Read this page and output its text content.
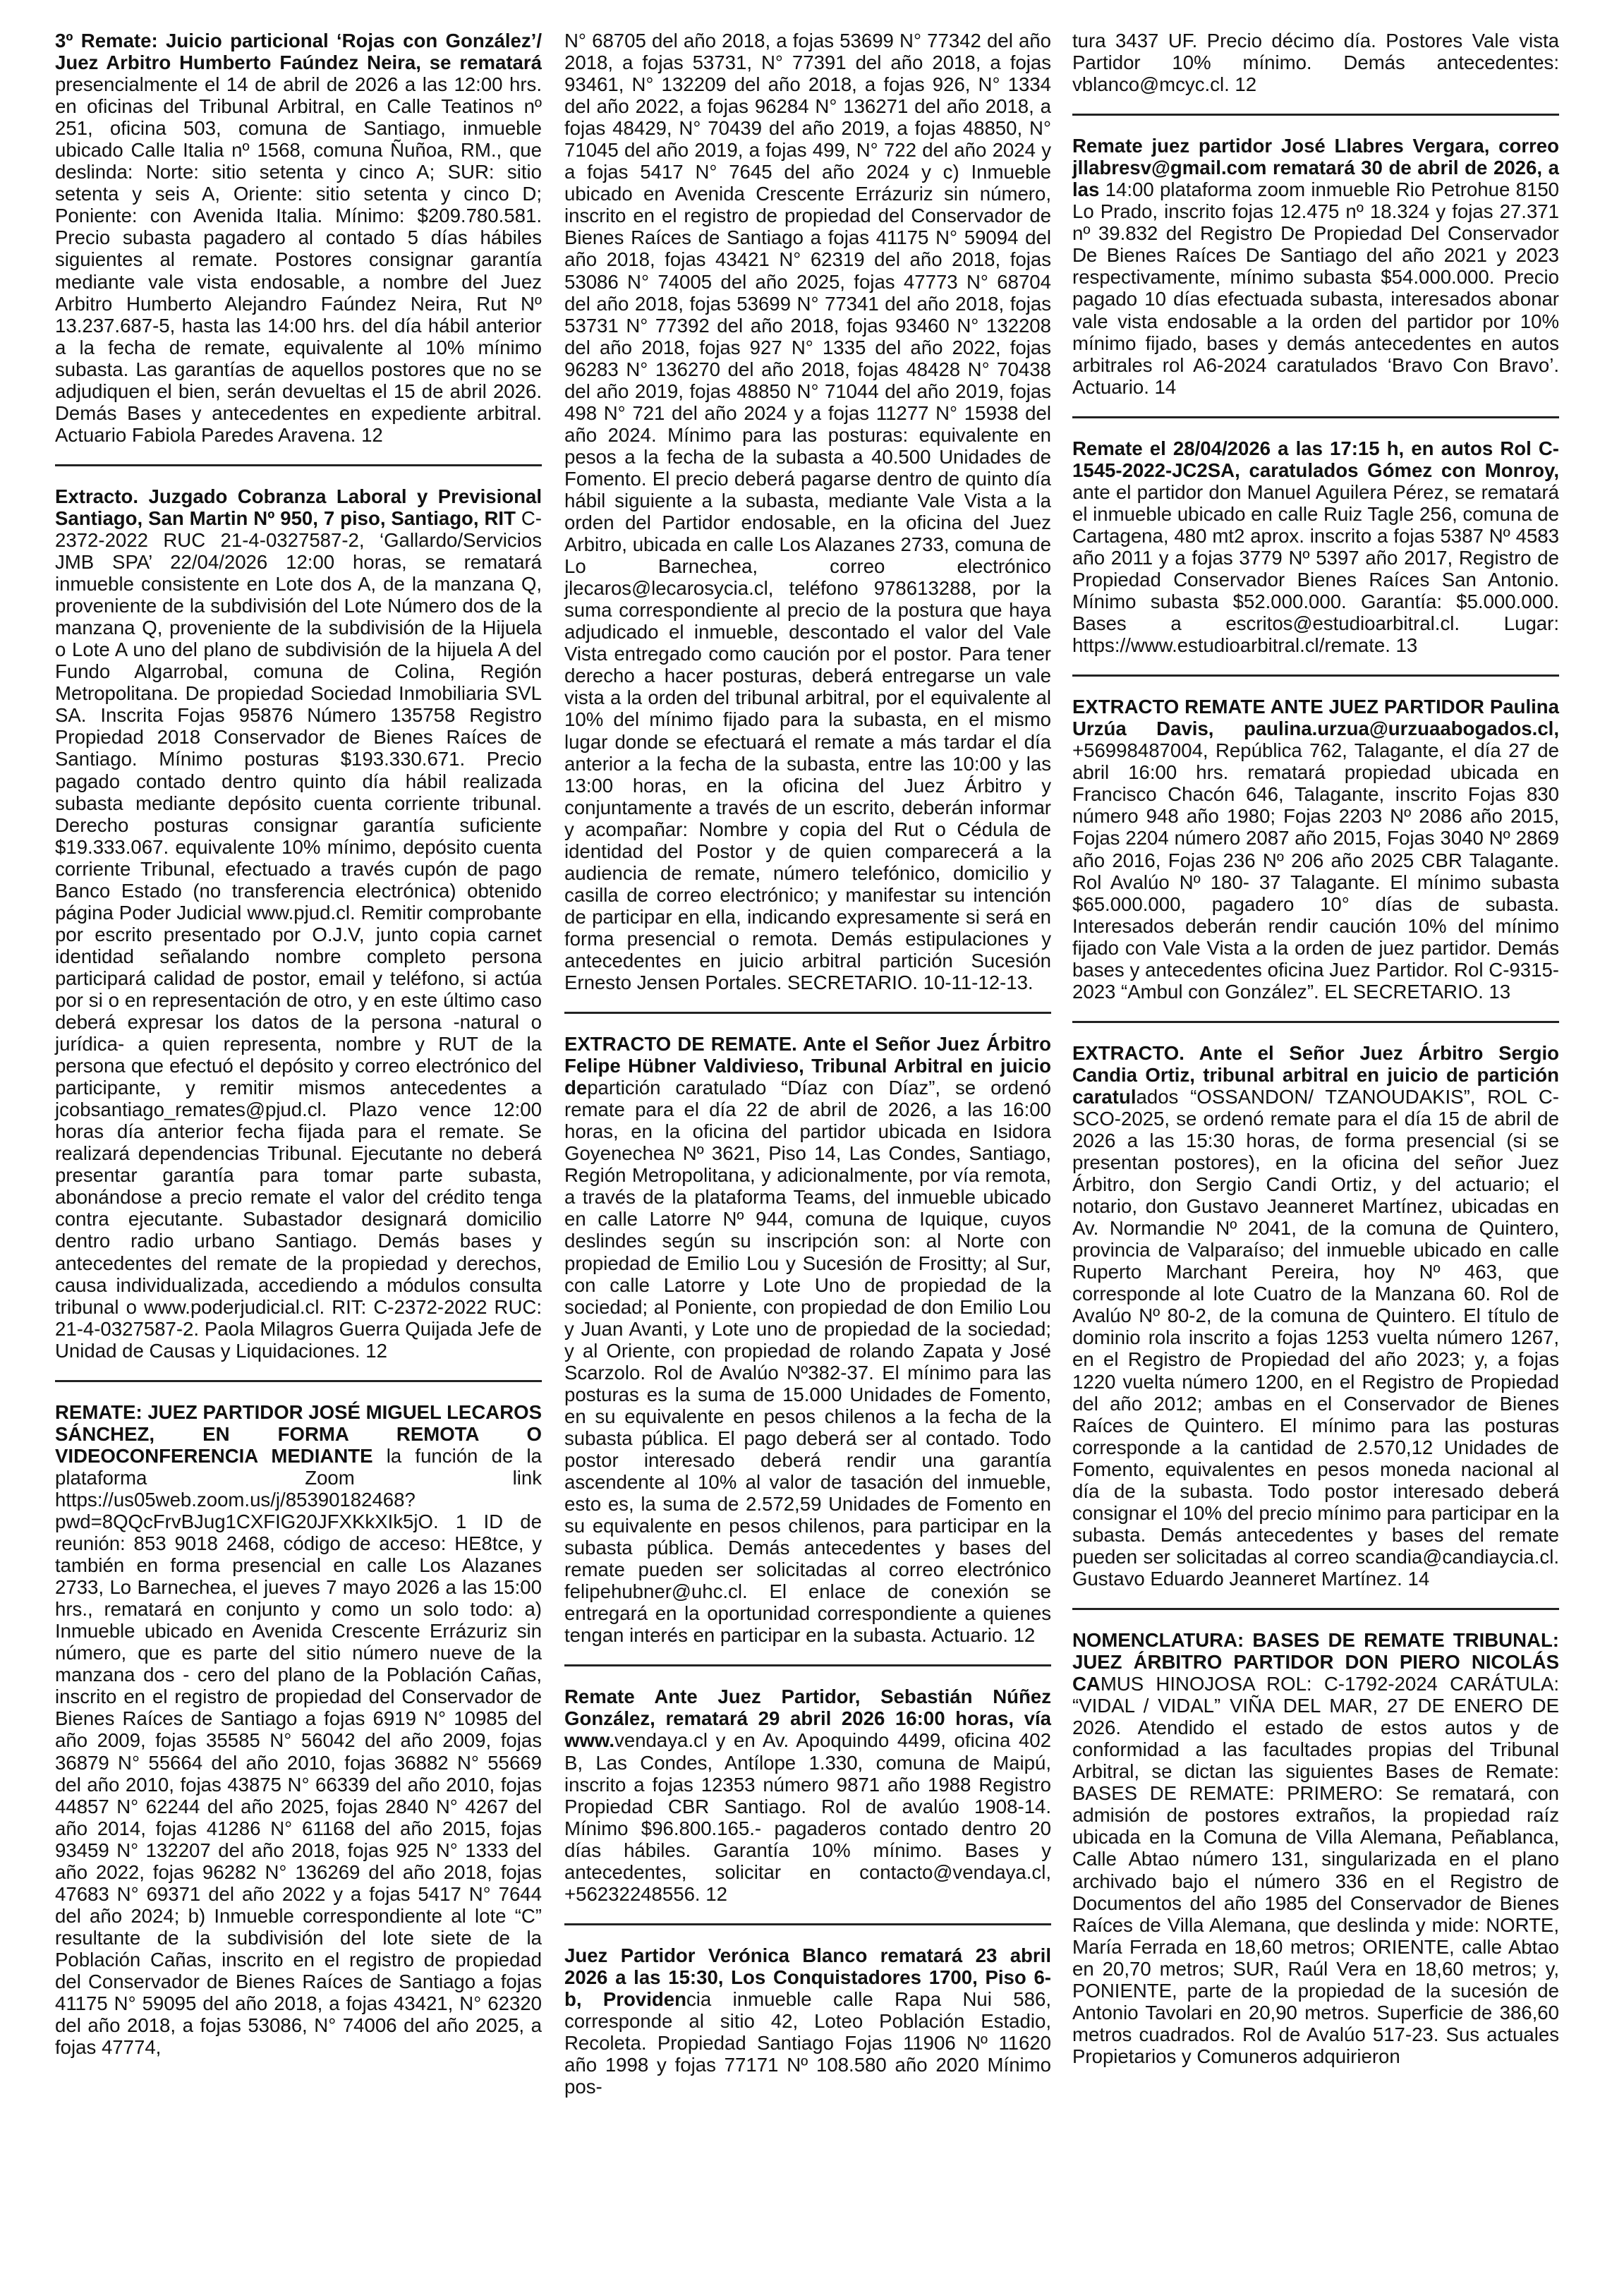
3º Remate: Juicio particional ‘Rojas con González’/ Juez Arbitro Humberto Faúndez Neira, se rematará presencialmente el 14 de abril de 2026 a las 12:00 hrs. en oficinas del Tribunal Arbitral, en Calle Teatinos nº 251, oficina 503, comuna de Santiago, inmueble ubicado Calle Italia nº 1568, comuna Ñuñoa, RM., que deslinda: Norte: sitio setenta y cinco A; SUR: sitio setenta y seis A, Oriente: sitio setenta y cinco D; Poniente: con Avenida Italia. Mínimo: $209.780.581. Precio subasta pagadero al contado 5 días hábiles siguientes al remate. Postores consignar garantía mediante vale vista endosable, a nombre del Juez Arbitro Humberto Alejandro Faúndez Neira, Rut Nº 13.237.687-5, hasta las 14:00 hrs. del día hábil anterior a la fecha de remate, equivalente al 10% mínimo subasta. Las garantías de aquellos postores que no se adjudiquen el bien, serán devueltas el 15 de abril 2026. Demás Bases y antecedentes en expediente arbitral. Actuario Fabiola Paredes Aravena. 12
Extracto. Juzgado Cobranza Laboral y Previsional Santiago, San Martin Nº 950, 7 piso, Santiago, RIT C-2372-2022 RUC 21-4-0327587-2, ‘Gallardo/Servicios JMB SPA’ 22/04/2026 12:00 horas, se rematará inmueble consistente en Lote dos A, de la manzana Q, proveniente de la subdivisión del Lote Número dos de la manzana Q, proveniente de la subdivisión de la Hijuela o Lote A uno del plano de subdivisión de la hijuela A del Fundo Algarrobal, comuna de Colina, Región Metropolitana. De propiedad Sociedad Inmobiliaria SVL SA. Inscrita Fojas 95876 Número 135758 Registro Propiedad 2018 Conservador de Bienes Raíces de Santiago. Mínimo posturas $193.330.671. Precio pagado contado dentro quinto día hábil realizada subasta mediante depósito cuenta corriente tribunal. Derecho posturas consignar garantía suficiente $19.333.067. equivalente 10% mínimo, depósito cuenta corriente Tribunal, efectuado a través cupón de pago Banco Estado (no transferencia electrónica) obtenido página Poder Judicial www.pjud.cl. Remitir comprobante por escrito presentado por O.J.V, junto copia carnet identidad señalando nombre completo persona participará calidad de postor, email y teléfono, si actúa por si o en representación de otro, y en este último caso deberá expresar los datos de la persona -natural o jurídica- a quien representa, nombre y RUT de la persona que efectuó el depósito y correo electrónico del participante, y remitir mismos antecedentes a jcobsantiago_remates@pjud.cl. Plazo vence 12:00 horas día anterior fecha fijada para el remate. Se realizará dependencias Tribunal. Ejecutante no deberá presentar garantía para tomar parte subasta, abonándose a precio remate el valor del crédito tenga contra ejecutante. Subastador designará domicilio dentro radio urbano Santiago. Demás bases y antecedentes del remate de la propiedad y derechos, causa individualizada, accediendo a módulos consulta tribunal o www.poderjudicial.cl. RIT: C-2372-2022 RUC: 21-4-0327587-2. Paola Milagros Guerra Quijada Jefe de Unidad de Causas y Liquidaciones. 12
REMATE: JUEZ PARTIDOR JOSÉ MIGUEL LECAROS SÁNCHEZ, EN FORMA REMOTA O VIDEOCONFERENCIA MEDIANTE la función de la plataforma Zoom link https://us05web.zoom.us/j/85390182468?pwd=8QQcFrvBJug1CXFIG20JFXKkXIk5jO. 1 ID de reunión: 853 9018 2468, código de acceso: HE8tce, y también en forma presencial en calle Los Alazanes 2733, Lo Barnechea, el jueves 7 mayo 2026 a las 15:00 hrs., rematará en conjunto y como un solo todo: a) Inmueble ubicado en Avenida Crescente Errázuriz sin número, que es parte del sitio número nueve de la manzana dos - cero del plano de la Población Cañas, inscrito en el registro de propiedad del Conservador de Bienes Raíces de Santiago a fojas 6919 N° 10985 del año 2009, fojas 35585 N° 56042 del año 2009, fojas 36879 N° 55664 del año 2010, fojas 36882 N° 55669 del año 2010, fojas 43875 N° 66339 del año 2010, fojas 44857 N° 62244 del año 2025, fojas 2840 N° 4267 del año 2014, fojas 41286 N° 61168 del año 2015, fojas 93459 N° 132207 del año 2018, fojas 925 N° 1333 del año 2022, fojas 96282 N° 136269 del año 2018, fojas 47683 N° 69371 del año 2022 y a fojas 5417 N° 7644 del año 2024; b) Inmueble correspondiente al lote “C” resultante de la subdivisión del lote siete de la Población Cañas, inscrito en el registro de propiedad del Conservador de Bienes Raíces de Santiago a fojas 41175 N° 59095 del año 2018, a fojas 43421, N° 62320 del año 2018, a fojas 53086, N° 74006 del año 2025, a fojas 47774,
N° 68705 del año 2018, a fojas 53699 N° 77342 del año 2018, a fojas 53731, N° 77391 del año 2018, a fojas 93461, N° 132209 del año 2018, a fojas 926, N° 1334 del año 2022, a fojas 96284 N° 136271 del año 2018, a fojas 48429, N° 70439 del año 2019, a fojas 48850, N° 71045 del año 2019, a fojas 499, N° 722 del año 2024 y a fojas 5417 N° 7645 del año 2024 y c) Inmueble ubicado en Avenida Crescente Errázuriz sin número, inscrito en el registro de propiedad del Conservador de Bienes Raíces de Santiago a fojas 41175 N° 59094 del año 2018, fojas 43421 N° 62319 del año 2018, fojas 53086 N° 74005 del año 2025, fojas 47773 N° 68704 del año 2018, fojas 53699 N° 77341 del año 2018, fojas 53731 N° 77392 del año 2018, fojas 93460 N° 132208 del año 2018, fojas 927 N° 1335 del año 2022, fojas 96283 N° 136270 del año 2018, fojas 48428 N° 70438 del año 2019, fojas 48850 N° 71044 del año 2019, fojas 498 N° 721 del año 2024 y a fojas 11277 N° 15938 del año 2024. Mínimo para las posturas: equivalente en pesos a la fecha de la subasta a 40.500 Unidades de Fomento. El precio deberá pagarse dentro de quinto día hábil siguiente a la subasta, mediante Vale Vista a la orden del Partidor endosable, en la oficina del Juez Arbitro, ubicada en calle Los Alazanes 2733, comuna de Lo Barnechea, correo electrónico jlecaros@lecarosycia.cl, teléfono 978613288, por la suma correspondiente al precio de la postura que haya adjudicado el inmueble, descontado el valor del Vale Vista entregado como caución por el postor. Para tener derecho a hacer posturas, deberá entregarse un vale vista a la orden del tribunal arbitral, por el equivalente al 10% del mínimo fijado para la subasta, en el mismo lugar donde se efectuará el remate a más tardar el día anterior a la fecha de la subasta, entre las 10:00 y las 13:00 horas, en la oficina del Juez Árbitro y conjuntamente a través de un escrito, deberán informar y acompañar: Nombre y copia del Rut o Cédula de identidad del Postor y de quien comparecerá a la audiencia de remate, número telefónico, domicilio y casilla de correo electrónico; y manifestar su intención de participar en ella, indicando expresamente si será en forma presencial o remota. Demás estipulaciones y antecedentes en juicio arbitral partición Sucesión Ernesto Jensen Portales. SECRETARIO. 10-11-12-13.
EXTRACTO DE REMATE. Ante el Señor Juez Árbitro Felipe Hübner Valdivieso, Tribunal Arbitral en juicio departición caratulado “Díaz con Díaz”, se ordenó remate para el día 22 de abril de 2026, a las 16:00 horas, en la oficina del partidor ubicada en Isidora Goyenechea Nº 3621, Piso 14, Las Condes, Santiago, Región Metropolitana, y adicionalmente, por vía remota, a través de la plataforma Teams, del inmueble ubicado en calle Latorre Nº 944, comuna de Iquique, cuyos deslindes según su inscripción son: al Norte con propiedad de Emilio Lou y Sucesión de Frositty; al Sur, con calle Latorre y Lote Uno de propiedad de la sociedad; al Poniente, con propiedad de don Emilio Lou y Juan Avanti, y Lote uno de propiedad de la sociedad; y al Oriente, con propiedad de rolando Zapata y José Scarzolo. Rol de Avalúo Nº382-37. El mínimo para las posturas es la suma de 15.000 Unidades de Fomento, en su equivalente en pesos chilenos a la fecha de la subasta pública. El pago deberá ser al contado. Todo postor interesado deberá rendir una garantía ascendente al 10% al valor de tasación del inmueble, esto es, la suma de 2.572,59 Unidades de Fomento en su equivalente en pesos chilenos, para participar en la subasta pública. Demás antecedentes y bases del remate pueden ser solicitadas al correo electrónico felipehubner@uhc.cl. El enlace de conexión se entregará en la oportunidad correspondiente a quienes tengan interés en participar en la subasta. Actuario. 12
Remate Ante Juez Partidor, Sebastián Núñez González, rematará 29 abril 2026 16:00 horas, vía www.vendaya.cl y en Av. Apoquindo 4499, oficina 402 B, Las Condes, Antílope 1.330, comuna de Maipú, inscrito a fojas 12353 número 9871 año 1988 Registro Propiedad CBR Santiago. Rol de avalúo 1908-14. Mínimo $96.800.165.- pagaderos contado dentro 20 días hábiles. Garantía 10% mínimo. Bases y antecedentes, solicitar en contacto@vendaya.cl, +56232248556. 12
Juez Partidor Verónica Blanco rematará 23 abril 2026 a las 15:30, Los Conquistadores 1700, Piso 6-b, Providencia inmueble calle Rapa Nui 586, corresponde al sitio 42, Loteo Población Estadio, Recoleta. Propiedad Santiago Fojas 11906 Nº 11620 año 1998 y fojas 77171 Nº 108.580 año 2020 Mínimo pos-
tura 3437 UF. Precio décimo día. Postores Vale vista Partidor 10% mínimo. Demás antecedentes: vblanco@mcyc.cl. 12
Remate juez partidor José Llabres Vergara, correo jllabresv@gmail.com rematará 30 de abril de 2026, a las 14:00 plataforma zoom inmueble Rio Petrohue 8150 Lo Prado, inscrito fojas 12.475 nº 18.324 y fojas 27.371 nº 39.832 del Registro De Propiedad Del Conservador De Bienes Raíces De Santiago del año 2021 y 2023 respectivamente, mínimo subasta $54.000.000. Precio pagado 10 días efectuada subasta, interesados abonar vale vista endosable a la orden del partidor por 10% mínimo fijado, bases y demás antecedentes en autos arbitrales rol A6-2024 caratulados ‘Bravo Con Bravo’. Actuario. 14
Remate el 28/04/2026 a las 17:15 h, en autos Rol C-1545-2022-JC2SA, caratulados Gómez con Monroy, ante el partidor don Manuel Aguilera Pérez, se rematará el inmueble ubicado en calle Ruiz Tagle 256, comuna de Cartagena, 480 mt2 aprox. inscrito a fojas 5387 Nº 4583 año 2011 y a fojas 3779 Nº 5397 año 2017, Registro de Propiedad Conservador Bienes Raíces San Antonio. Mínimo subasta $52.000.000. Garantía: $5.000.000. Bases a escritos@estudioarbitral.cl. Lugar: https://www.estudioarbitral.cl/remate. 13
EXTRACTO REMATE ANTE JUEZ PARTIDOR Paulina Urzúa Davis, paulina.urzua@urzuaabogados.cl, +56998487004, República 762, Talagante, el día 27 de abril 16:00 hrs. rematará propiedad ubicada en Francisco Chacón 646, Talagante, inscrito Fojas 830 número 948 año 1980; Fojas 2203 Nº 2086 año 2015, Fojas 2204 número 2087 año 2015, Fojas 3040 Nº 2869 año 2016, Fojas 236 Nº 206 año 2025 CBR Talagante. Rol Avalúo Nº 180- 37 Talagante. El mínimo subasta $65.000.000, pagadero 10° días de subasta. Interesados deberán rendir caución 10% del mínimo fijado con Vale Vista a la orden de juez partidor. Demás bases y antecedentes oficina Juez Partidor. Rol C-9315-2023 “Ambul con González”. EL SECRETARIO. 13
EXTRACTO. Ante el Señor Juez Árbitro Sergio Candia Ortiz, tribunal arbitral en juicio de partición caratulados “OSSANDON/ TZANOUDAKIS”, ROL C-SCO-2025, se ordenó remate para el día 15 de abril de 2026 a las 15:30 horas, de forma presencial (si se presentan postores), en la oficina del señor Juez Árbitro, don Sergio Candi Ortiz, y del actuario; el notario, don Gustavo Jeanneret Martínez, ubicadas en Av. Normandie Nº 2041, de la comuna de Quintero, provincia de Valparaíso; del inmueble ubicado en calle Ruperto Marchant Pereira, hoy Nº 463, que corresponde al lote Cuatro de la Manzana 60. Rol de Avalúo Nº 80-2, de la comuna de Quintero. El título de dominio rola inscrito a fojas 1253 vuelta número 1267, en el Registro de Propiedad del año 2023; y, a fojas 1220 vuelta número 1200, en el Registro de Propiedad del año 2012; ambas en el Conservador de Bienes Raíces de Quintero. El mínimo para las posturas corresponde a la cantidad de 2.570,12 Unidades de Fomento, equivalentes en pesos moneda nacional al día de la subasta. Todo postor interesado deberá consignar el 10% del precio mínimo para participar en la subasta. Demás antecedentes y bases del remate pueden ser solicitadas al correo scandia@candiaycia.cl. Gustavo Eduardo Jeanneret Martínez. 14
NOMENCLATURA: BASES DE REMATE TRIBUNAL: JUEZ ÁRBITRO PARTIDOR DON PIERO NICOLÁS CAMUS HINOJOSA ROL: C-1792-2024 CARÁTULA: “VIDAL / VIDAL” VIÑA DEL MAR, 27 DE ENERO DE 2026. Atendido el estado de estos autos y de conformidad a las facultades propias del Tribunal Arbitral, se dictan las siguientes Bases de Remate: BASES DE REMATE: PRIMERO: Se rematará, con admisión de postores extraños, la propiedad raíz ubicada en la Comuna de Villa Alemana, Peñablanca, Calle Abtao número 131, singularizada en el plano archivado bajo el número 336 en el Registro de Documentos del año 1985 del Conservador de Bienes Raíces de Villa Alemana, que deslinda y mide: NORTE, María Ferrada en 18,60 metros; ORIENTE, calle Abtao en 20,70 metros; SUR, Raúl Vera en 18,60 metros; y, PONIENTE, parte de la propiedad de la sucesión de Antonio Tavolari en 20,90 metros. Superficie de 386,60 metros cuadrados. Rol de Avalúo 517-23. Sus actuales Propietarios y Comuneros adquirieron
